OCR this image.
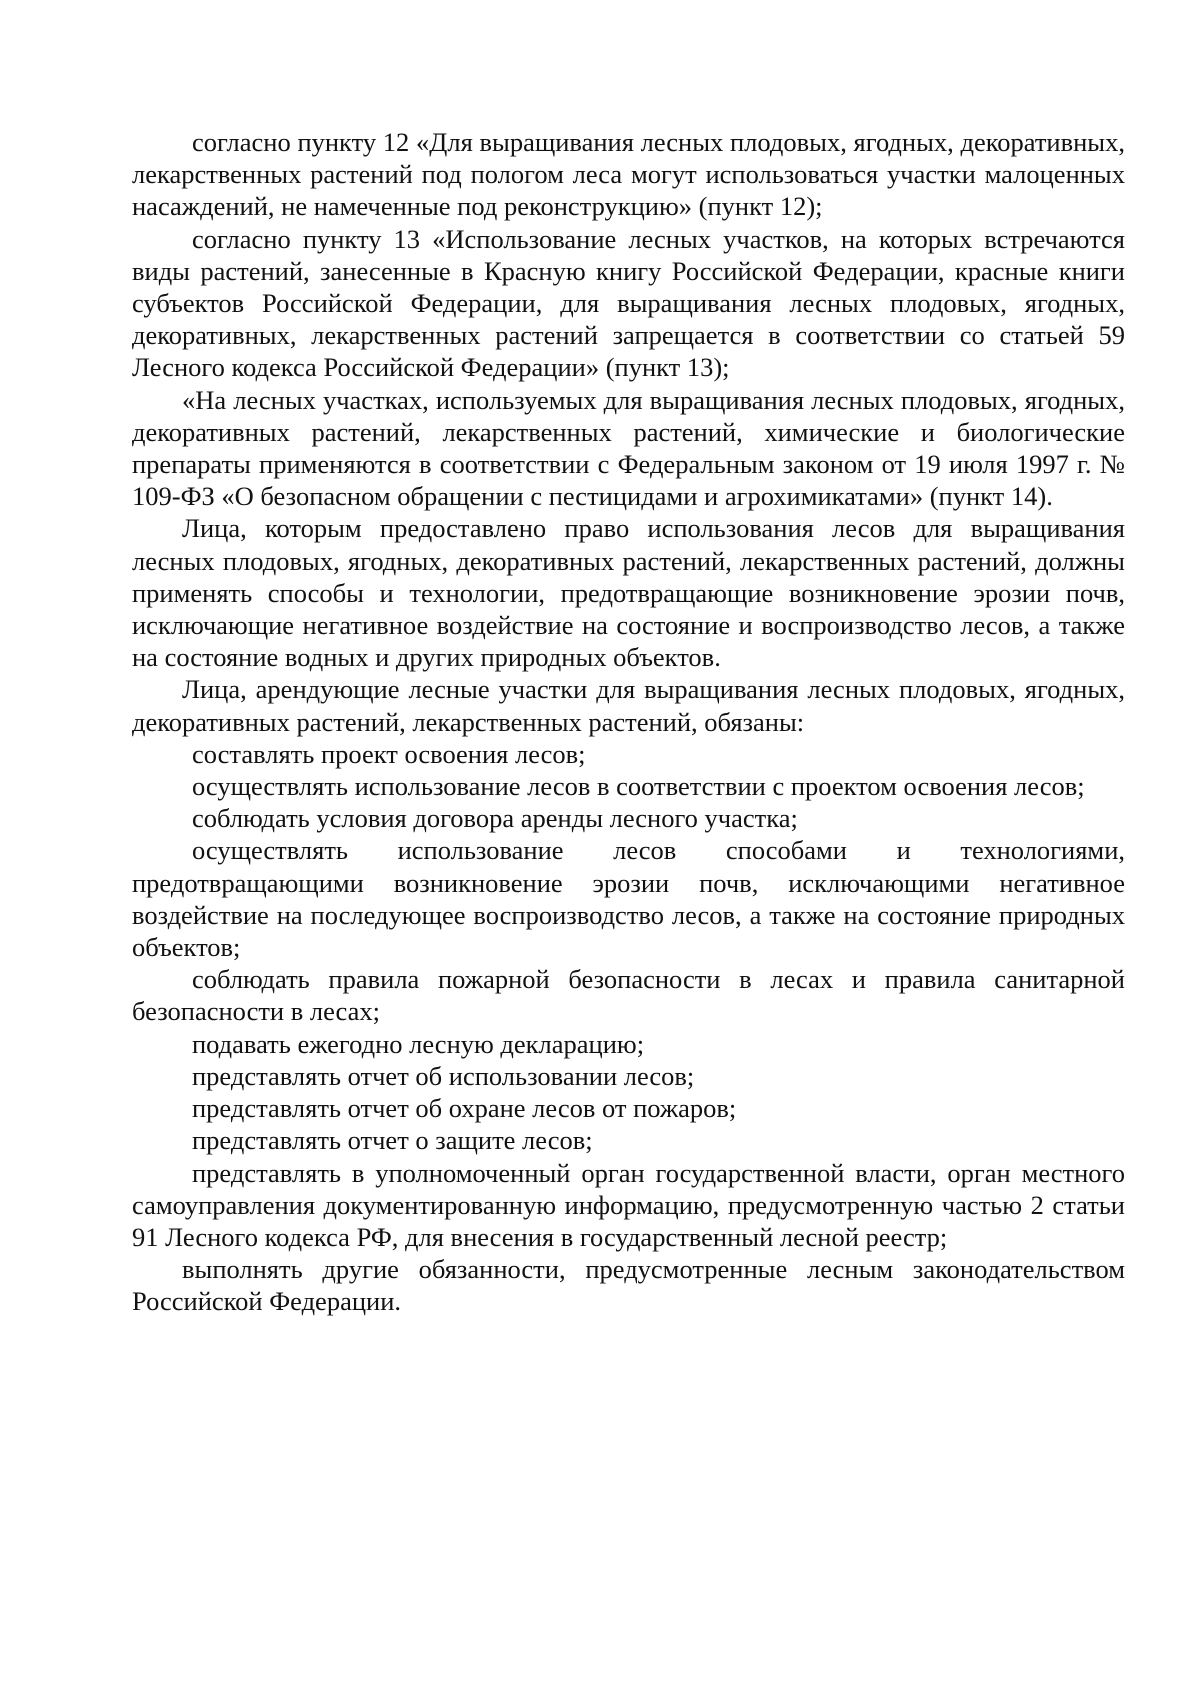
согласно пункту 12 «Для выращивания лесных плодовых, ягодных, декоративных, лекарственных растений под пологом леса могут использоваться участки малоценных насаждений, не намеченные под реконструкцию» (пункт 12);

согласно пункту 13 «Использование лесных участков, на которых встречаются виды растений, занесенные в Красную книгу Российской Федерации, красные книги субъектов Российской Федерации, для выращивания лесных плодовых, ягодных, декоративных, лекарственных растений запрещается в соответствии со статьей 59 Лесного кодекса Российской Федерации» (пункт 13);

«На лесных участках, используемых для выращивания лесных плодовых, ягодных, декоративных растений, лекарственных растений, химические и биологические препараты применяются в соответствии с Федеральным законом от 19 июля 1997 г. № 109-ФЗ «О безопасном обращении с пестицидами и агрохимикатами» (пункт 14).

Лица, которым предоставлено право использования лесов для выращивания лесных плодовых, ягодных, декоративных растений, лекарственных растений, должны применять способы и технологии, предотвращающие возникновение эрозии почв, исключающие негативное воздействие на состояние и воспроизводство лесов, а также на состояние водных и других природных объектов.

Лица, арендующие лесные участки для выращивания лесных плодовых, ягодных, декоративных растений, лекарственных растений, обязаны:

составлять проект освоения лесов;

осуществлять использование лесов в соответствии с проектом освоения лесов;

соблюдать условия договора аренды лесного участка;

осуществлять использование лесов способами и технологиями, предотвращающими возникновение эрозии почв, исключающими негативное воздействие на последующее воспроизводство лесов, а также на состояние природных объектов;

соблюдать правила пожарной безопасности в лесах и правила санитарной безопасности в лесах;

подавать ежегодно лесную декларацию;

представлять отчет об использовании лесов;

представлять отчет об охране лесов от пожаров;

представлять отчет о защите лесов;

представлять в уполномоченный орган государственной власти, орган местного самоуправления документированную информацию, предусмотренную частью 2 статьи 91 Лесного кодекса РФ, для внесения в государственный лесной реестр;

выполнять другие обязанности, предусмотренные лесным законодательством Российской Федерации.
